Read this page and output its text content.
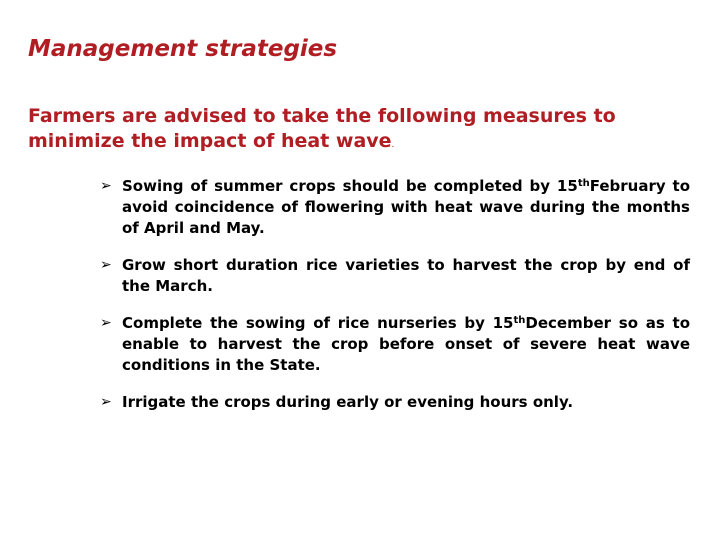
Management strategies

Farmers are advised to take the following measures to minimize the impact of heat wave.

➢ Sowing of summer crops should be completed by 15thFebruary to avoid coincidence of flowering with heat wave during the months of April and May.
➢ Grow short duration rice varieties to harvest the crop by end of the March.
➢ Complete the sowing of rice nurseries by 15thDecember so as to enable to harvest the crop before onset of severe heat wave conditions in the State.
➢ Irrigate the crops during early or evening hours only.
